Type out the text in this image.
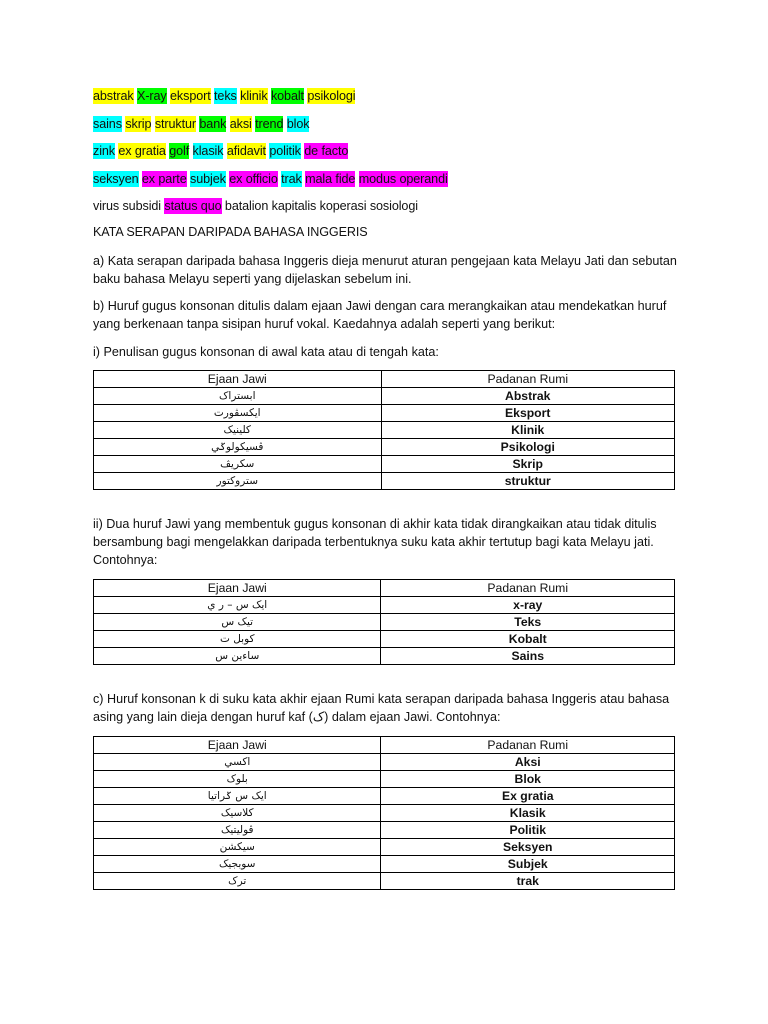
abstrak X-ray eksport teks klinik kobalt psikologi
sains skrip struktur bank aksi trend blok
zink ex gratia golf klasik afidavit politik de facto
seksyen ex parte subjek ex officio trak mala fide modus operandi
virus subsidi status quo batalion kapitalis koperasi sosiologi
KATA SERAPAN DARIPADA BAHASA INGGERIS
a) Kata serapan daripada bahasa Inggeris dieja menurut aturan pengejaan kata Melayu Jati dan sebutan baku bahasa Melayu seperti yang dijelaskan sebelum ini.
b) Huruf gugus konsonan ditulis dalam ejaan Jawi dengan cara merangkaikan atau mendekatkan huruf yang berkenaan tanpa sisipan huruf vokal. Kaedahnya adalah seperti yang berikut:
i) Penulisan gugus konsonan di awal kata atau di tengah kata:
Ejaan Jawi	Padanan Rumi
ابستراک	Abstrak
ايکسڤورت	Eksport
کلينيک	Klinik
ڤسيکولوݢي	Psikologi
سکريڤ	Skrip
ستروکتور	struktur
ii) Dua huruf Jawi yang membentuk gugus konsonan di akhir kata tidak dirangkaikan atau tidak ditulis bersambung bagi mengelakkan daripada terbentuknya suku kata akhir tertutup bagi kata Melayu jati. Contohnya:
Ejaan Jawi	Padanan Rumi
ايک س – ر ي	x-ray
تيک س	Teks
کوبل ت	Kobalt
ساءين س	Sains
c) Huruf konsonan k di suku kata akhir ejaan Rumi kata serapan daripada bahasa Inggeris atau bahasa asing yang lain dieja dengan huruf kaf (ک) dalam ejaan Jawi. Contohnya:
Ejaan Jawi	Padanan Rumi
اکسي	Aksi
بلوک	Blok
ايک س ݢراتيا	Ex gratia
کلاسيک	Klasik
ڤوليتيک	Politik
سيکشن	Seksyen
سوبجيک	Subjek
ترک	trak
